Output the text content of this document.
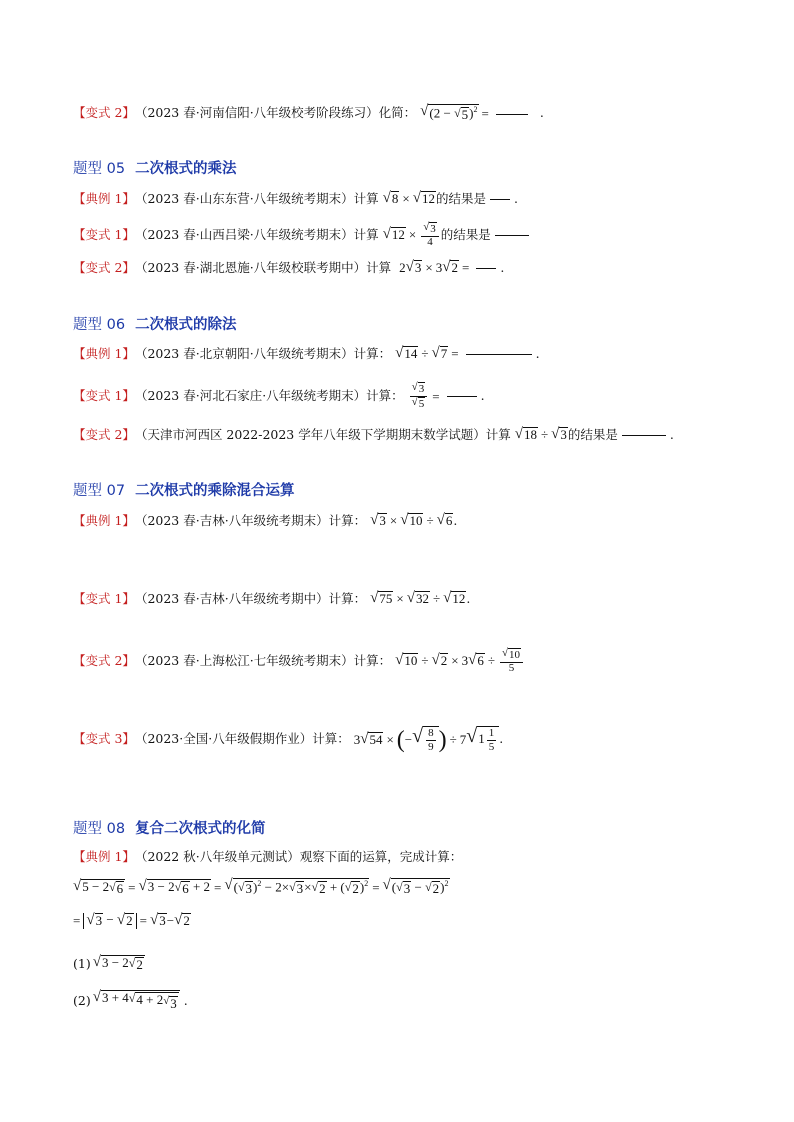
【变式 2】 （2023 春·河南信阳·八年级校考阶段练习）化简： √ (2 − √ 5 )$^2$ =	.
题型 05 二次根式的乘法
【典例 1】 （2023 春·山东东营·八年级统考期末）计算 √ 8 × √ 12 的结果是 .
【变式 1】 （2023 春·山西吕梁·八年级统考期末）计算 √ $12 \times \frac{√ 3}{4}$ 的结果是
【变式 2】 （2023 春·湖北恩施·八年级校联考期中）计算 2 √ 3 × 3 √ 2 = .
题型 06 二次根式的除法
【典例 1】 （2023 春·北京朝阳·八年级统考期末）计算： √ 14 ÷ √ 7 =	.
【变式 1】 （2023 春·河北石家庄·八年级统考期末）计算： $\frac{√ 3}{√ 5}$ =	.
【变式 2】 （天津市河西区 2022-2023 学年八年级下学期期末数学试题）计算 √ 18 ÷ √ 3 的结果是	.
题型 07 二次根式的乘除混合运算
【典例 1】 （2023 春·吉林·八年级统考期末）计算： √ 3 × √ 10 ÷ √ 6 .
【变式 1】 （2023 春·吉林·八年级统考期中）计算： √ 75 × √ 32 ÷ √ 12 .
【变式 2】 （2023 春·上海松江·七年级统考期末）计算： √ 10 ÷ √ 2 × 3 √ $6 \div \frac{√ 10}{5}$
【变式 3】 （2023·全国·八年级假期作业）计算： 3 √ 54 × ( − √ $\frac{8}{9}$ ) ÷ 7 √ $1 \frac{1}{5}$ .
题型 08 复合二次根式的化简
【典例 1】 （2022 秋·八年级单元测试）观察下面的运算，完成计算：
√ 5 − 2 √ 6 = √ 3 − 2 √ 6 + 2 = √ ( √ 3 )$^2$ − 2× √ 3 × √ 2 + ( √ 2 )$^2$ = √ ( √ 3 − √ 2 )$^2$
= √ 3 − √ 2 = √ 3 − √ 2
(1) √ 3 − 2 √ 2
(2) √ 3 + 4 √ 4 + 2 √ 3 .
